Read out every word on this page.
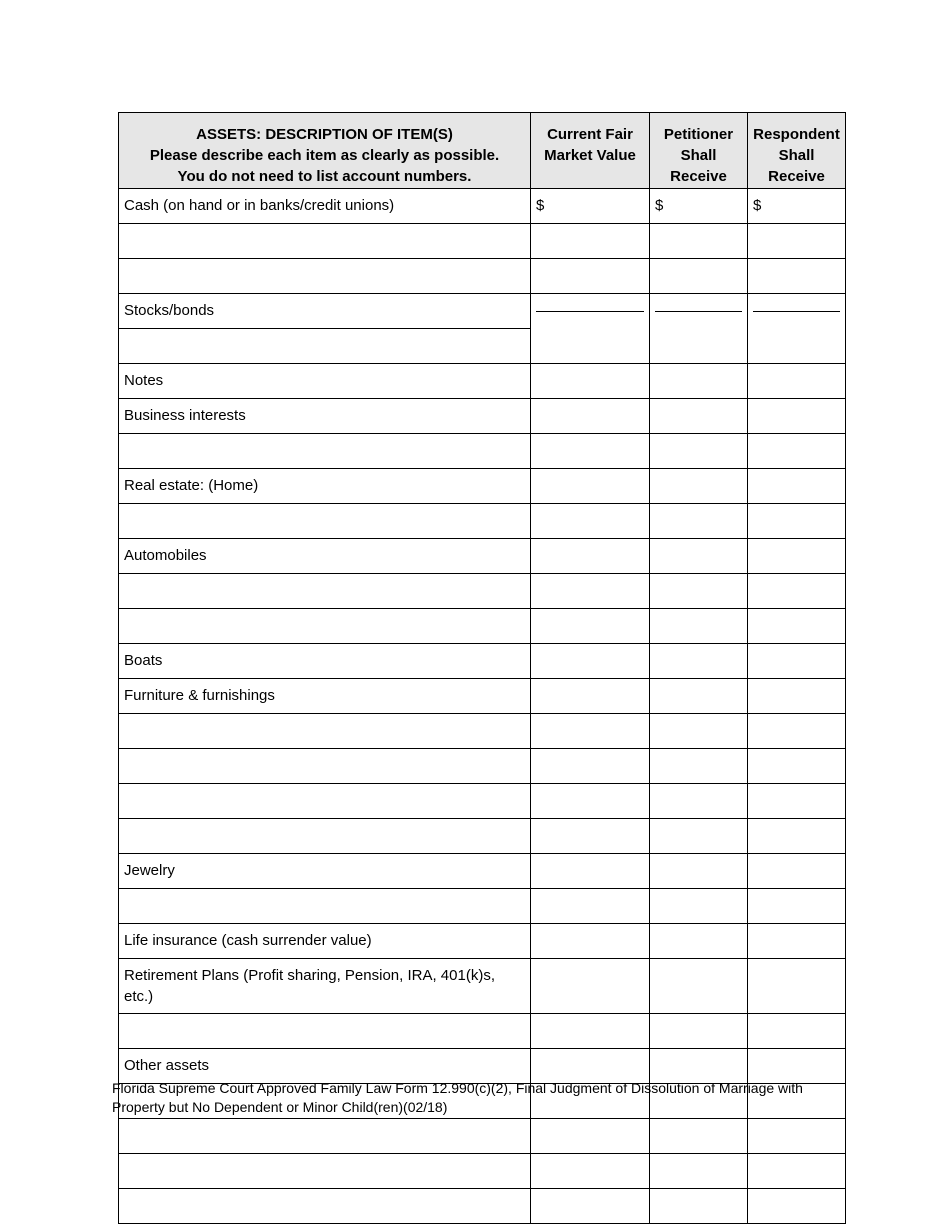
ASSETS: DESCRIPTION OF ITEM(S)
Please describe each item as clearly as possible.
You do not need to list account numbers.	Current Fair Market Value	Petitioner Shall Receive	Respondent Shall Receive
Cash (on hand or in banks/credit unions)	$	$	$

Stocks/bonds	

Notes			
Business interests			

Real estate: (Home)			

Automobiles			

Boats			
Furniture & furnishings			

Jewelry			

Life insurance (cash surrender value)			
Retirement Plans (Profit sharing, Pension, IRA, 401(k)s, etc.)			

Other assets			

Florida Supreme Court Approved Family Law Form 12.990(c)(2), Final Judgment of Dissolution of Marriage with Property but No Dependent or Minor Child(ren)(02/18)
